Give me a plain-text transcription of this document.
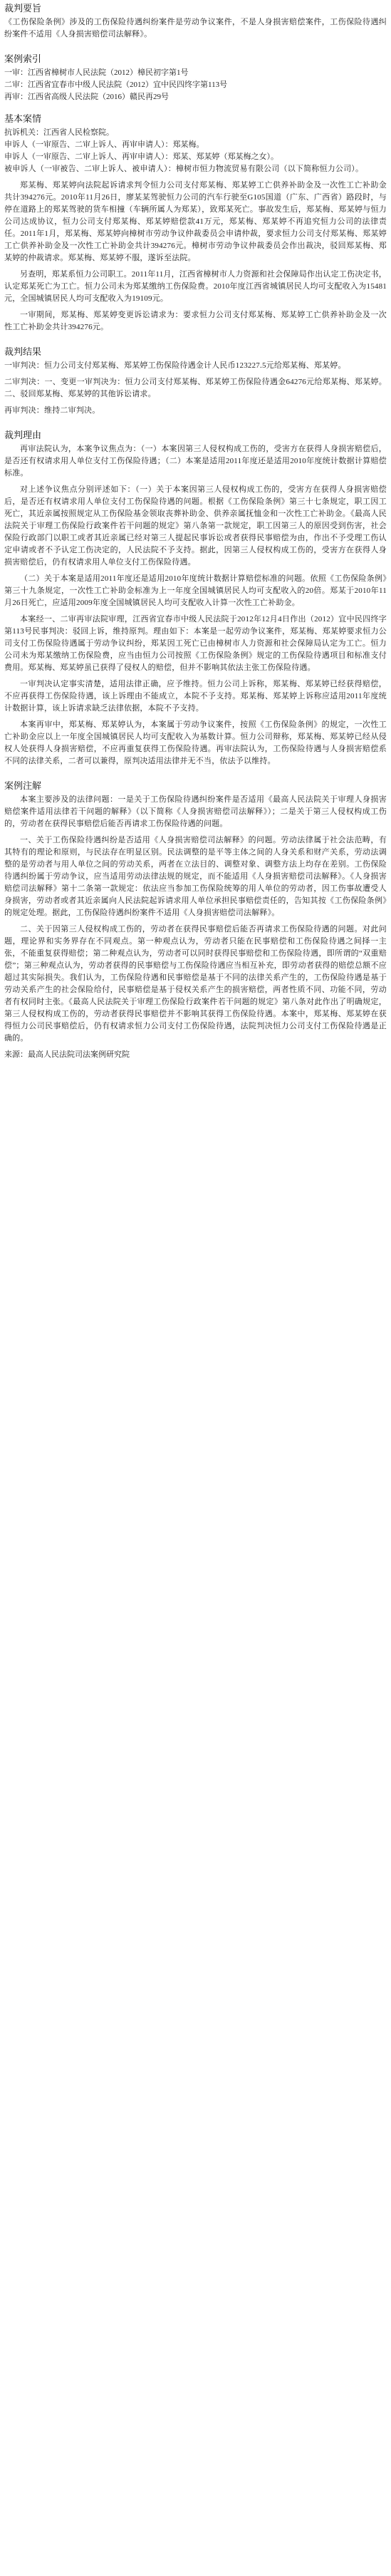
裁判要旨

《工伤保险条例》涉及的工伤保险待遇纠纷案件是劳动争议案件，不是人身损害赔偿案件，工伤保险待遇纠纷案件不适用《人身损害赔偿司法解释》。

案例索引
一审：江西省樟树市人民法院（2012）樟民初字第1号
二审：江西省宜春市中级人民法院（2012）宜中民四终字第113号
再审：江西省高级人民法院（2016）赣民再29号
基本案情
抗诉机关：江西省人民检察院。
申诉人（一审原告、二审上诉人、再审申请人）：郑某梅。
申诉人（一审原告、二审上诉人、再审申请人）：郑某、郑某婷（郑某梅之女）。

被申诉人（一审被告、二审上诉人、被申请人）：樟树市恒力物流贸易有限公司（以下简称恒力公司）。

郑某梅、郑某婷向法院起诉请求判令恒力公司支付郑某梅、郑某婷工亡供养补助金及一次性工亡补助金共计394276元。2010年11月26日，廖某某驾驶恒力公司的汽车行驶至G105国道（广东、广西省）路段时，与停在道路上的郑某驾驶的货车相撞（车辆所属人为郑某），致郑某死亡。事故发生后，郑某梅、郑某婷与恒力公司达成协议，恒力公司支付郑某梅、郑某婷赔偿款41万元，郑某梅、郑某婷不再追究恒力公司的法律责任。2011年1月，郑某梅、郑某婷向樟树市劳动争议仲裁委员会申请仲裁，要求恒力公司支付郑某梅、郑某婷工亡供养补助金及一次性工亡补助金共计394276元。樟树市劳动争议仲裁委员会作出裁决，驳回郑某梅、郑某婷的仲裁请求。郑某梅、郑某婷不服，遂诉至法院。

另查明，郑某系恒力公司职工。2011年11月，江西省樟树市人力资源和社会保障局作出认定工伤决定书，认定郑某死亡为工亡。恒力公司未为郑某缴纳工伤保险费。2010年度江西省城镇居民人均可支配收入为15481元，全国城镇居民人均可支配收入为19109元。

一审期间，郑某梅、郑某婷变更诉讼请求为：要求恒力公司支付郑某梅、郑某婷工亡供养补助金及一次性工亡补助金共计394276元。

裁判结果

一审判决：恒力公司支付郑某梅、郑某婷工伤保险待遇金计人民币123227.5元给郑某梅、郑某婷。

二审判决：一、变更一审判决为：恒力公司支付郑某梅、郑某婷工伤保险待遇金64276元给郑某梅、郑某婷。二、驳回郑某梅、郑某婷的其他诉讼请求。

再审判决：维持二审判决。

裁判理由

再审法院认为，本案争议焦点为：（一）本案因第三人侵权构成工伤的，受害方在获得人身损害赔偿后，是否还有权请求用人单位支付工伤保险待遇；（二）本案是适用2011年度还是适用2010年度统计数据计算赔偿标准。

对上述争议焦点分别评述如下：（一）关于本案因第三人侵权构成工伤的，受害方在获得人身损害赔偿后，是否还有权请求用人单位支付工伤保险待遇的问题。根据《工伤保险条例》第三十七条规定，职工因工死亡，其近亲属按照规定从工伤保险基金领取丧葬补助金、供养亲属抚恤金和一次性工亡补助金。《最高人民法院关于审理工伤保险行政案件若干问题的规定》第八条第一款规定，职工因第三人的原因受到伤害，社会保险行政部门以职工或者其近亲属已经对第三人提起民事诉讼或者获得民事赔偿为由，作出不予受理工伤认定申请或者不予认定工伤决定的，人民法院不予支持。据此，因第三人侵权构成工伤的，受害方在获得人身损害赔偿后，仍有权请求用人单位支付工伤保险待遇。

（二）关于本案是适用2011年度还是适用2010年度统计数据计算赔偿标准的问题。依照《工伤保险条例》第三十九条规定，一次性工亡补助金标准为上一年度全国城镇居民人均可支配收入的20倍。郑某于2010年11月26日死亡，应适用2009年度全国城镇居民人均可支配收入计算一次性工亡补助金。

本案经一、二审再审法院审理，江西省宜春市中级人民法院于2012年12月4日作出（2012）宜中民四终字第113号民事判决：驳回上诉，维持原判。理由如下：本案是一起劳动争议案件，郑某梅、郑某婷要求恒力公司支付工伤保险待遇属于劳动争议纠纷，郑某因工死亡已由樟树市人力资源和社会保障局认定为工亡。恒力公司未为郑某缴纳工伤保险费，应当由恒力公司按照《工伤保险条例》规定的工伤保险待遇项目和标准支付费用。郑某梅、郑某婷虽已获得了侵权人的赔偿，但并不影响其依法主张工伤保险待遇。

一审判决认定事实清楚，适用法律正确，应予维持。恒力公司上诉称，郑某梅、郑某婷已经获得赔偿，不应再获得工伤保险待遇，该上诉理由不能成立，本院不予支持。郑某梅、郑某婷上诉称应适用2011年度统计数据计算，该上诉请求缺乏法律依据，本院不予支持。

本案再审中，郑某梅、郑某婷认为，本案属于劳动争议案件，按照《工伤保险条例》的规定，一次性工亡补助金应以上一年度全国城镇居民人均可支配收入为基数计算。恒力公司辩称，郑某梅、郑某婷已经从侵权人处获得人身损害赔偿，不应再重复获得工伤保险待遇。再审法院认为，工伤保险待遇与人身损害赔偿系不同的法律关系，二者可以兼得，原判决适用法律并无不当，依法予以维持。

案例注解

本案主要涉及的法律问题：一是关于工伤保险待遇纠纷案件是否适用《最高人民法院关于审理人身损害赔偿案件适用法律若干问题的解释》（以下简称《人身损害赔偿司法解释》）；二是关于第三人侵权构成工伤的，劳动者在获得民事赔偿后能否再请求工伤保险待遇的问题。

一、关于工伤保险待遇纠纷是否适用《人身损害赔偿司法解释》的问题。劳动法律属于社会法范畴，有其特有的理论和原则，与民法存在明显区别。民法调整的是平等主体之间的人身关系和财产关系，劳动法调整的是劳动者与用人单位之间的劳动关系，两者在立法目的、调整对象、调整方法上均存在差别。工伤保险待遇纠纷属于劳动争议，应当适用劳动法律法规的规定，而不能适用《人身损害赔偿司法解释》。《人身损害赔偿司法解释》第十二条第一款规定：依法应当参加工伤保险统筹的用人单位的劳动者，因工伤事故遭受人身损害，劳动者或者其近亲属向人民法院起诉请求用人单位承担民事赔偿责任的，告知其按《工伤保险条例》的规定处理。据此，工伤保险待遇纠纷案件不适用《人身损害赔偿司法解释》。

二、关于因第三人侵权构成工伤的，劳动者在获得民事赔偿后能否再请求工伤保险待遇的问题。对此问题，理论界和实务界存在不同观点。第一种观点认为，劳动者只能在民事赔偿和工伤保险待遇之间择一主张，不能重复获得赔偿；第二种观点认为，劳动者可以同时获得民事赔偿和工伤保险待遇，即所谓的“双重赔偿”；第三种观点认为，劳动者获得的民事赔偿与工伤保险待遇应当相互补充，即劳动者获得的赔偿总额不应超过其实际损失。我们认为，工伤保险待遇和民事赔偿是基于不同的法律关系产生的，工伤保险待遇是基于劳动关系产生的社会保险给付，民事赔偿是基于侵权关系产生的损害赔偿，两者性质不同、功能不同，劳动者有权同时主张。《最高人民法院关于审理工伤保险行政案件若干问题的规定》第八条对此作出了明确规定，第三人侵权构成工伤的，劳动者获得民事赔偿并不影响其获得工伤保险待遇。本案中，郑某梅、郑某婷在获得恒力公司民事赔偿后，仍有权请求恒力公司支付工伤保险待遇，法院判决恒力公司支付工伤保险待遇是正确的。

来源：最高人民法院司法案例研究院
